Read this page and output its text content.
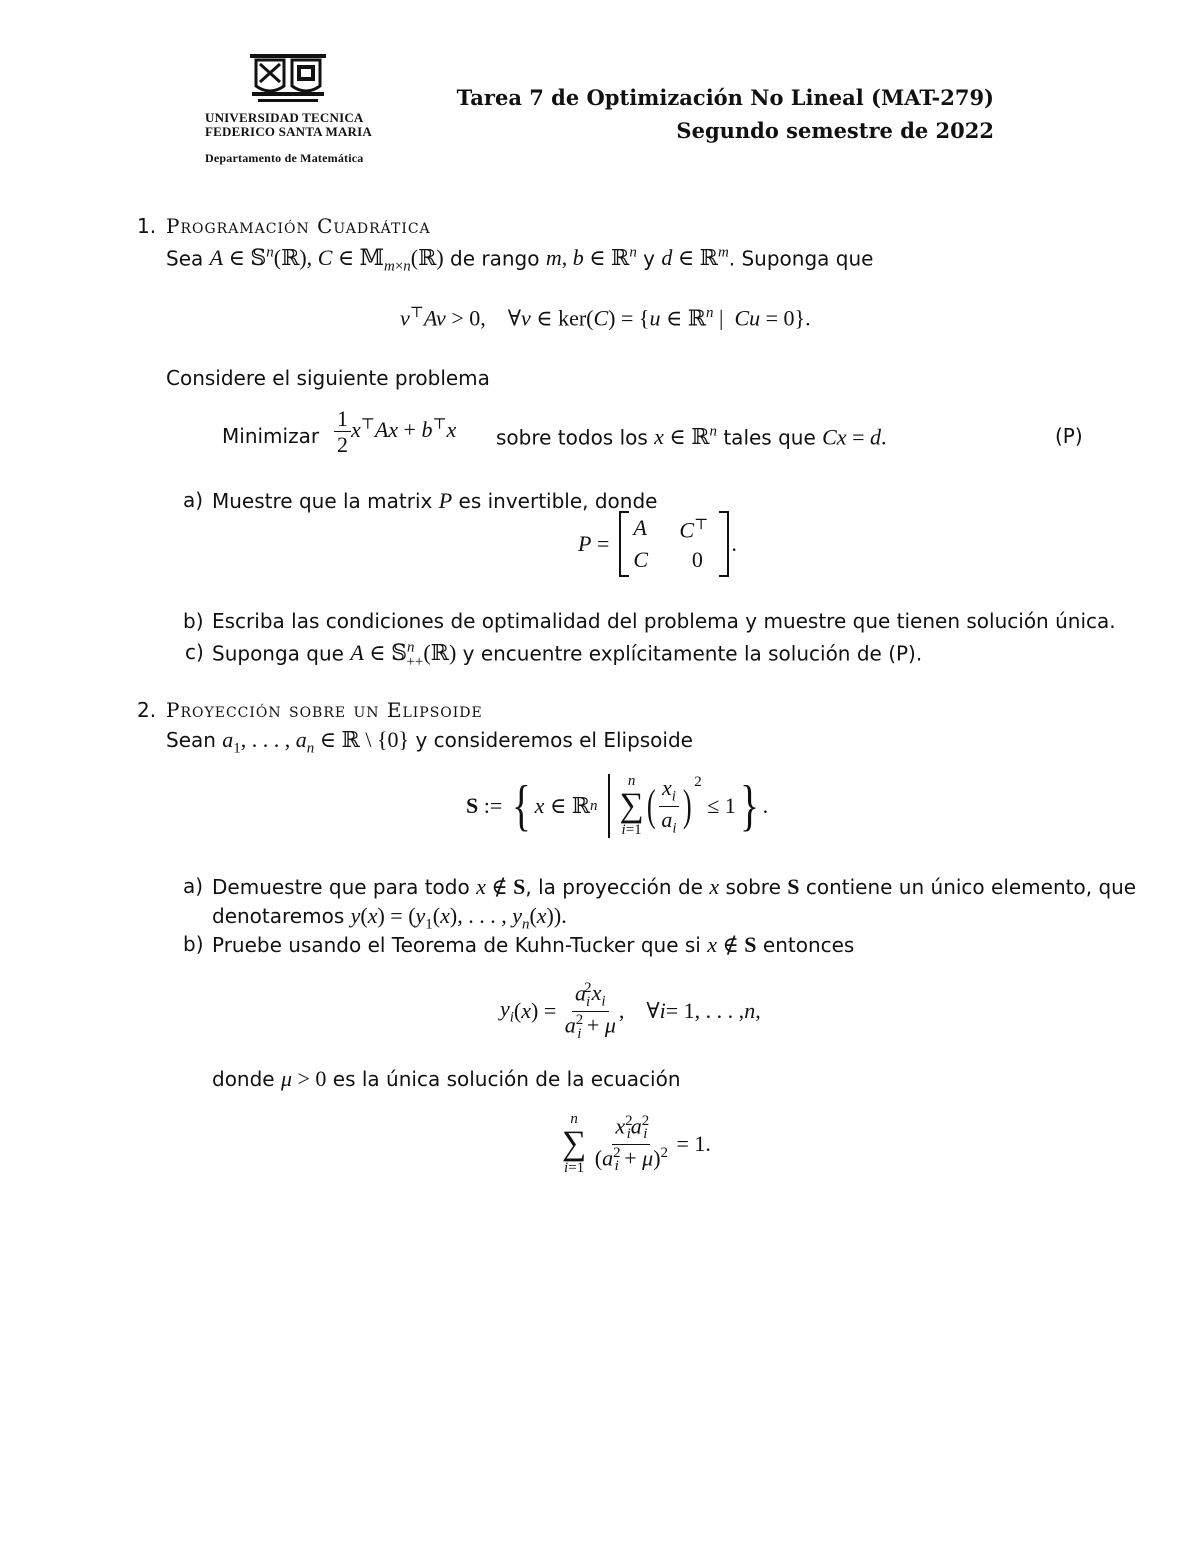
UNIVERSIDAD TECNICA
FEDERICO SANTA MARIA
Departamento de Matemática
Tarea 7 de Optimización No Lineal (MAT-279)
Segundo semestre de 2022
1. Programación Cuadrática
Sea A ∈ 𝕊$^n$(ℝ), C ∈ 𝕄$_{m\times n}$(ℝ) de rango m, b ∈ ℝ$^n$ y d ∈ ℝ$^m$. Suponga que
v⊤Av > 0,    ∀v ∈ ker(C) = {u ∈ ℝ$^n$ |  Cu = 0}.
Considere el siguiente problema
Minimizar $\frac{1}{2} x^⊤Ax + b^⊤x$ sobre todos los x ∈ ℝ$^n$ tales que Cx = d.	(P)
a) Muestre que la matrix P es invertible, donde
P =
A	C⊤
C	0
.
b) Escriba las condiciones de optimalidad del problema y muestre que tienen solución única.
c) Suponga que A ∈ 𝕊$^n_{++}$(ℝ) y encuentre explícitamente la solución de (P).
2. Proyección sobre un Elipsoide
Sean $a_1$, . . . , $a_n$ ∈ ℝ \ {0} y consideremos el Elipsoide
S := { x ∈ ℝ n
n
∑
i=1 ( $\frac{x_i}{a_i} )^2$
≤ 1 } .
a) Demuestre que para todo x ∉ S, la proyección de x sobre S contiene un único elemento, que
denotaremos $y(x) = (y_1(x)$, . . . , $y_n(x)$).
b) Pruebe usando el Teorema de Kuhn-Tucker que si x ∉ S entonces
$y_i$ ( x ) = $\frac{a_i^2x_i}{a^2_i + \mu}$ ,    ∀ i = 1, . . . , n ,
donde μ > 0 es la única solución de la ecuación
n
∑
i=1
$\frac{x^2_ia^2_i}{(a^2_i + \mu)^2} = 1$.
